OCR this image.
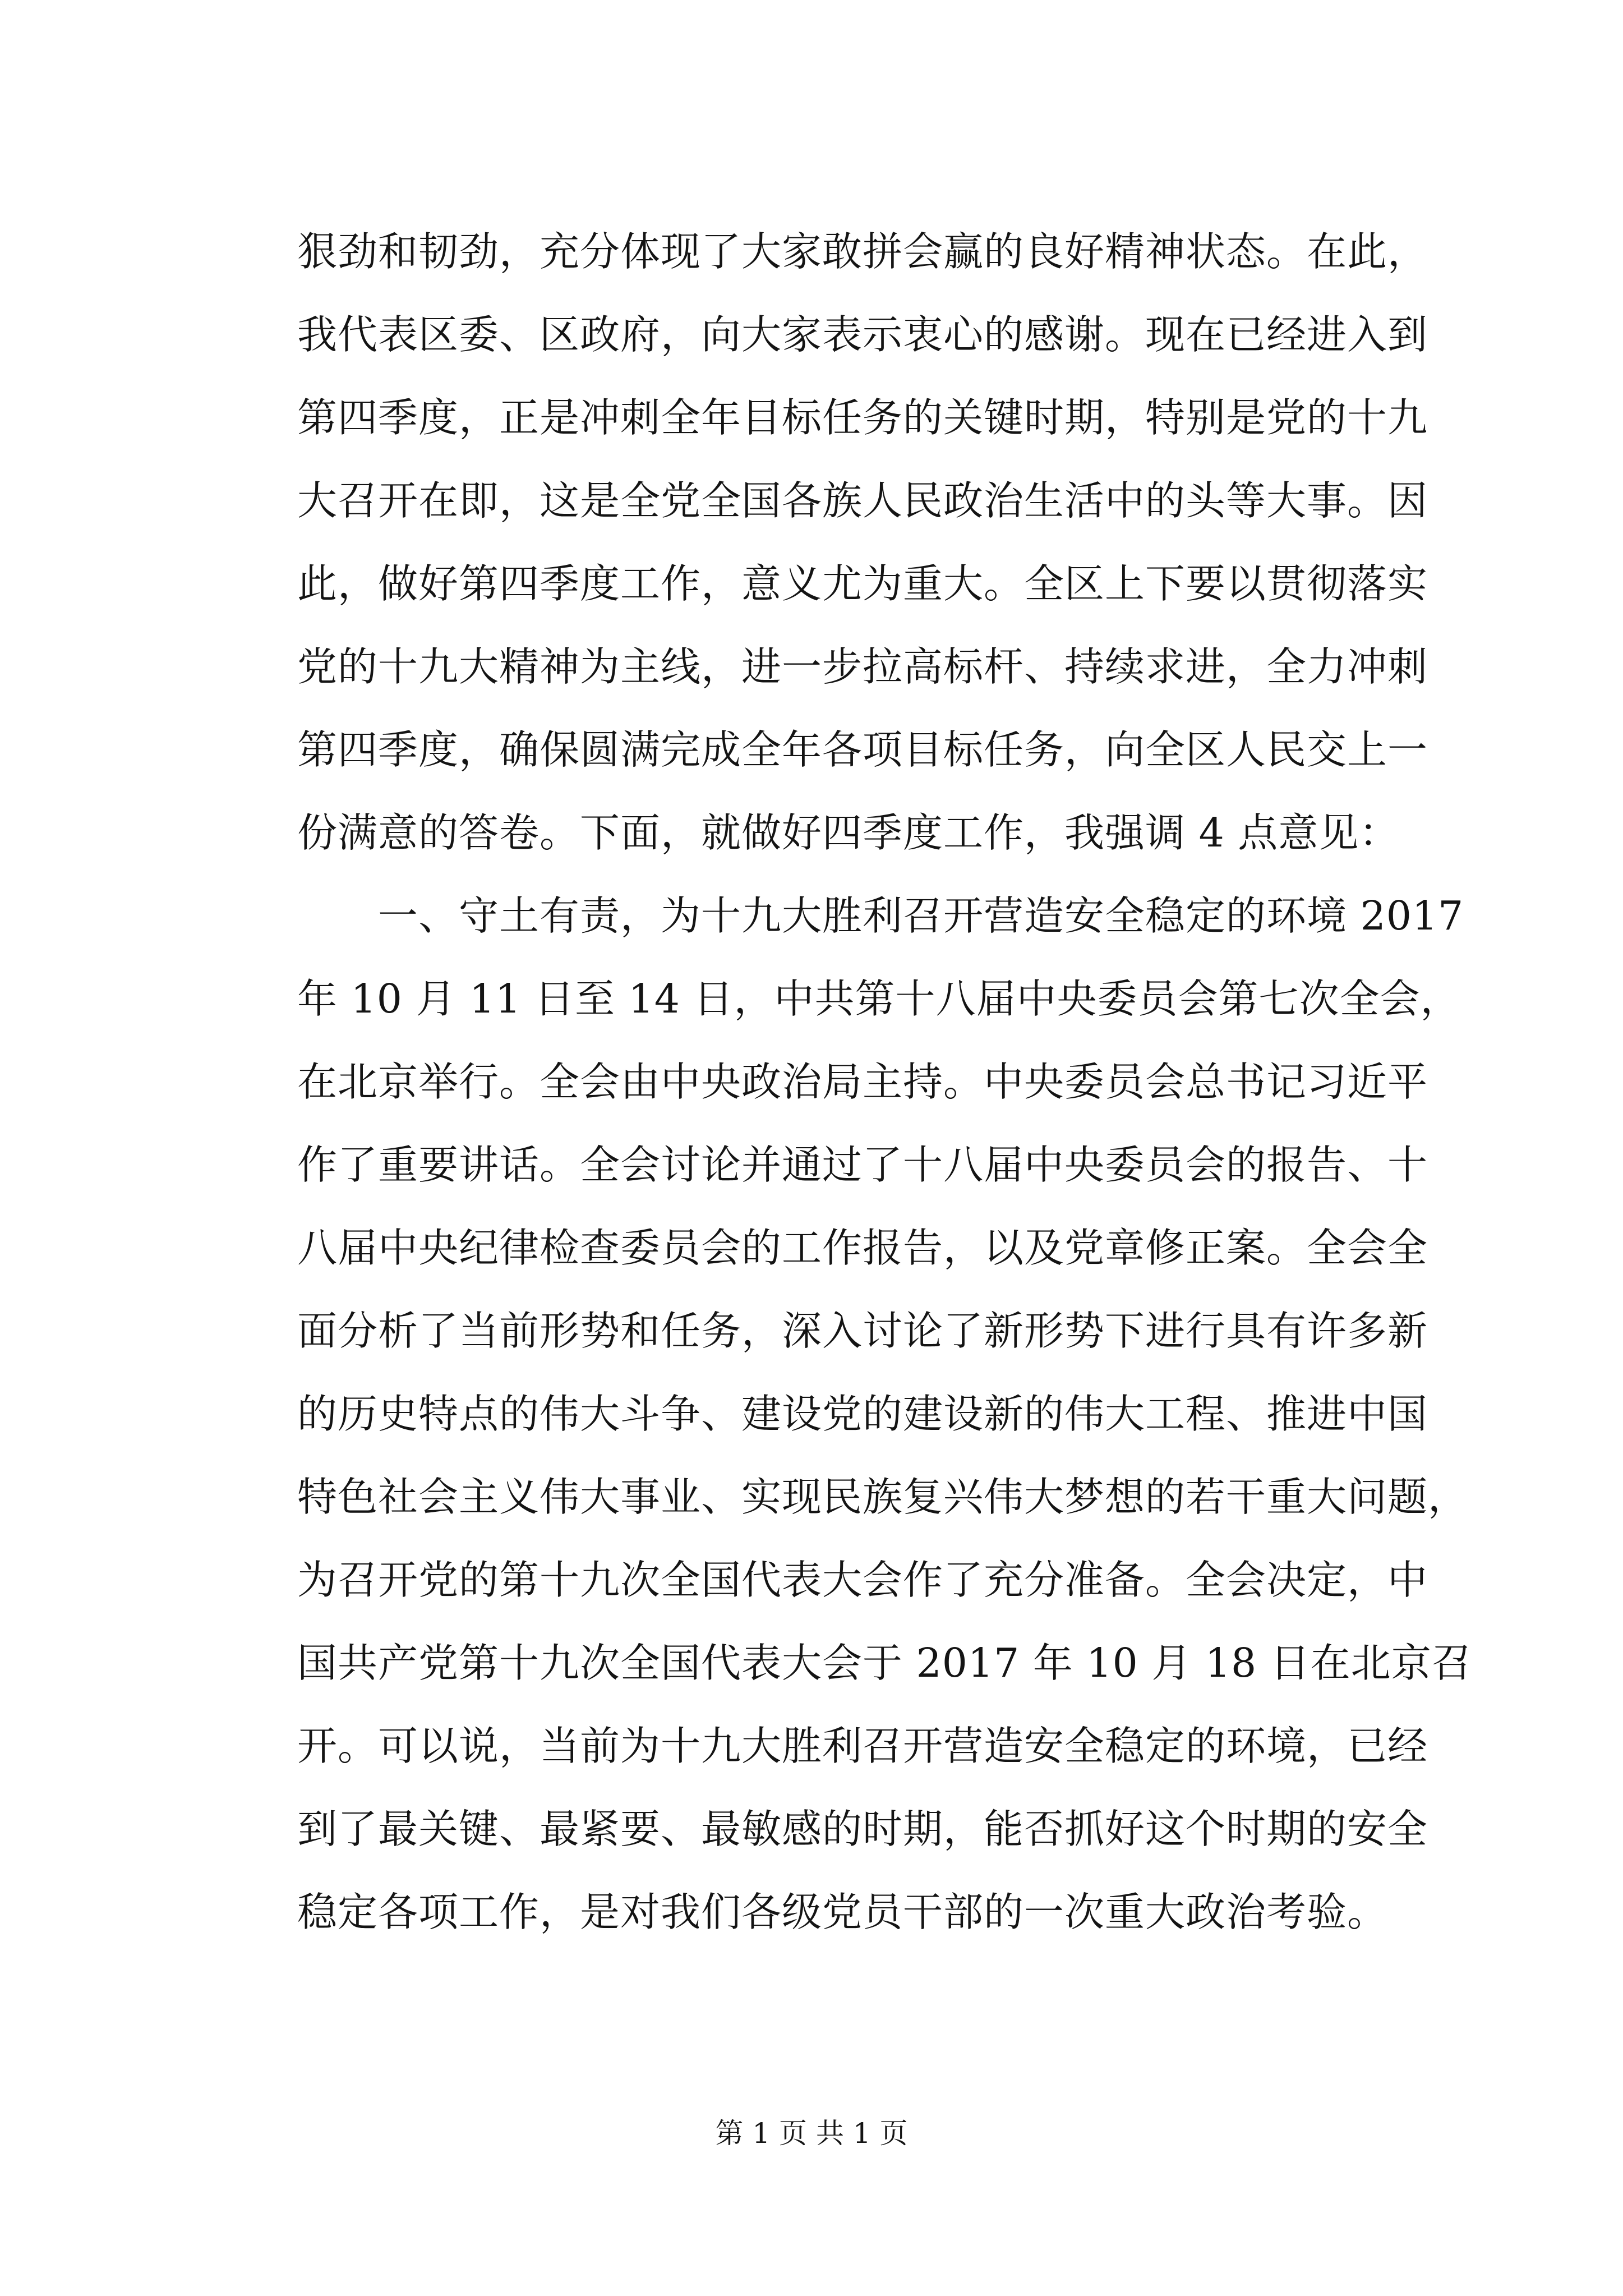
狠劲和韧劲，充分体现了大家敢拼会赢的良好精神状态。在此，
我代表区委、区政府，向大家表示衷心的感谢。现在已经进入到
第四季度，正是冲刺全年目标任务的关键时期，特别是党的十九
大召开在即，这是全党全国各族人民政治生活中的头等大事。因
此，做好第四季度工作，意义尤为重大。全区上下要以贯彻落实
党的十九大精神为主线，进一步拉高标杆、持续求进，全力冲刺
第四季度，确保圆满完成全年各项目标任务，向全区人民交上一
份满意的答卷。下面，就做好四季度工作，我强调 4 点意见：
　　一、守土有责，为十九大胜利召开营造安全稳定的环境 2017
年 10 月 11 日至 14 日，中共第十八届中央委员会第七次全会，
在北京举行。全会由中央政治局主持。中央委员会总书记习近平
作了重要讲话。全会讨论并通过了十八届中央委员会的报告、十
八届中央纪律检查委员会的工作报告，以及党章修正案。全会全
面分析了当前形势和任务，深入讨论了新形势下进行具有许多新
的历史特点的伟大斗争、建设党的建设新的伟大工程、推进中国
特色社会主义伟大事业、实现民族复兴伟大梦想的若干重大问题，
为召开党的第十九次全国代表大会作了充分准备。全会决定，中
国共产党第十九次全国代表大会于 2017 年 10 月 18 日在北京召
开。可以说，当前为十九大胜利召开营造安全稳定的环境，已经
到了最关键、最紧要、最敏感的时期，能否抓好这个时期的安全
稳定各项工作，是对我们各级党员干部的一次重大政治考验。
第 1 页 共 1 页
